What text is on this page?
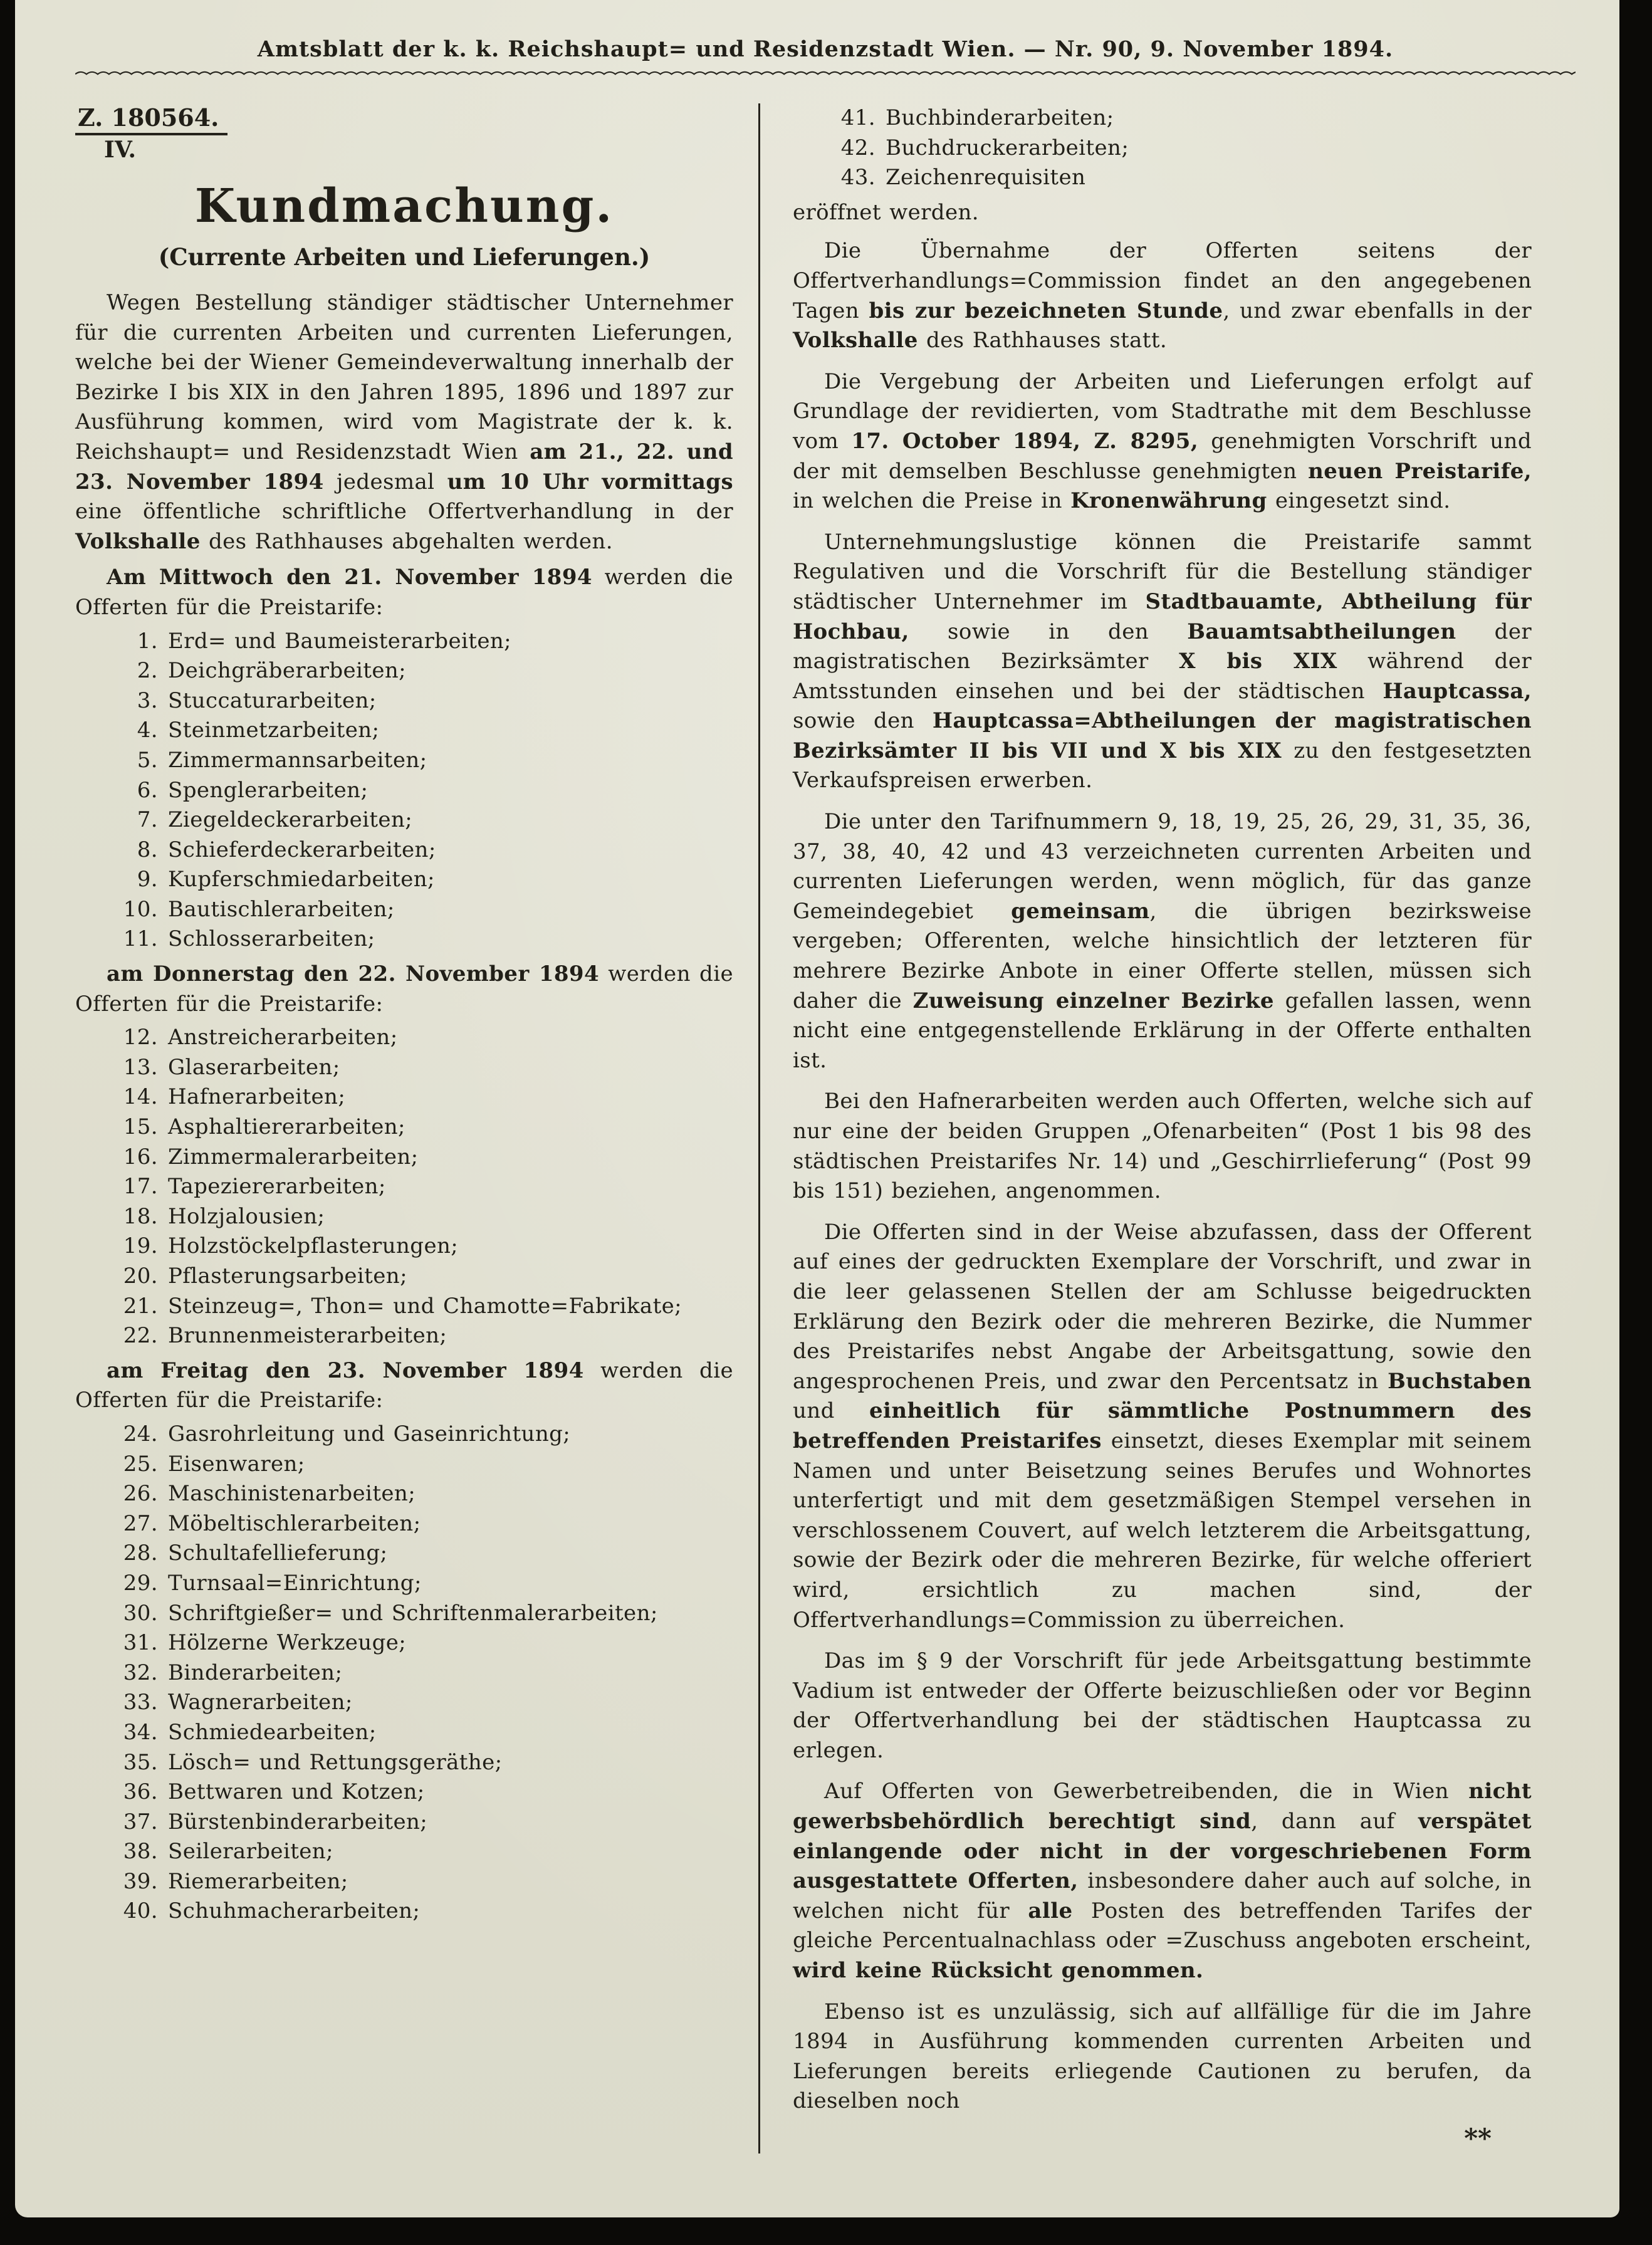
Amtsblatt der k. k. Reichshaupt= und Residenzstadt Wien. — Nr. 90, 9. November 1894.
Z. 180564.
IV.
Kundmachung.
(Currente Arbeiten und Lieferungen.)

Wegen Bestellung ständiger städtischer Unternehmer für die currenten Arbeiten und currenten Lieferungen, welche bei der Wiener Gemeindeverwaltung innerhalb der Bezirke I bis XIX in den Jahren 1895, 1896 und 1897 zur Ausführung kommen, wird vom Magistrate der k. k. Reichshaupt= und Residenzstadt Wien am 21., 22. und 23. November 1894 jedesmal um 10 Uhr vormittags eine öffentliche schriftliche Offertverhandlung in der Volkshalle des Rathhauses abgehalten werden.

Am Mittwoch den 21. November 1894 werden die Offerten für die Preistarife:

1. Erd= und Baumeisterarbeiten;
2. Deichgräberarbeiten;
3. Stuccaturarbeiten;
4. Steinmetzarbeiten;
5. Zimmermannsarbeiten;
6. Spenglerarbeiten;
7. Ziegeldeckerarbeiten;
8. Schieferdeckerarbeiten;
9. Kupferschmiedarbeiten;
10. Bautischlerarbeiten;
11. Schlosserarbeiten;

am Donnerstag den 22. November 1894 werden die Offerten für die Preistarife:

12. Anstreicherarbeiten;
13. Glaserarbeiten;
14. Hafnerarbeiten;
15. Asphaltiererarbeiten;
16. Zimmermalerarbeiten;
17. Tapeziererarbeiten;
18. Holzjalousien;
19. Holzstöckelpflasterungen;
20. Pflasterungsarbeiten;
21. Steinzeug=, Thon= und Chamotte=Fabrikate;
22. Brunnenmeisterarbeiten;

am Freitag den 23. November 1894 werden die Offerten für die Preistarife:

24. Gasrohrleitung und Gaseinrichtung;
25. Eisenwaren;
26. Maschinistenarbeiten;
27. Möbeltischlerarbeiten;
28. Schultafellieferung;
29. Turnsaal=Einrichtung;
30. Schriftgießer= und Schriftenmalerarbeiten;
31. Hölzerne Werkzeuge;
32. Binderarbeiten;
33. Wagnerarbeiten;
34. Schmiedearbeiten;
35. Lösch= und Rettungsgeräthe;
36. Bettwaren und Kotzen;
37. Bürstenbinderarbeiten;
38. Seilerarbeiten;
39. Riemerarbeiten;
40. Schuhmacherarbeiten;
41. Buchbinderarbeiten;
42. Buchdruckerarbeiten;
43. Zeichenrequisiten

eröffnet werden.

Die Übernahme der Offerten seitens der Offertverhandlungs=Commission findet an den angegebenen Tagen bis zur bezeichneten Stunde, und zwar ebenfalls in der Volkshalle des Rathhauses statt.

Die Vergebung der Arbeiten und Lieferungen erfolgt auf Grundlage der revidierten, vom Stadtrathe mit dem Beschlusse vom 17. October 1894, Z. 8295, genehmigten Vorschrift und der mit demselben Beschlusse genehmigten neuen Preistarife, in welchen die Preise in Kronenwährung eingesetzt sind.

Unternehmungslustige können die Preistarife sammt Regulativen und die Vorschrift für die Bestellung ständiger städtischer Unternehmer im Stadtbauamte, Abtheilung für Hochbau, sowie in den Bauamtsabtheilungen der magistratischen Bezirksämter X bis XIX während der Amtsstunden einsehen und bei der städtischen Hauptcassa, sowie den Hauptcassa=Abtheilungen der magistratischen Bezirksämter II bis VII und X bis XIX zu den festgesetzten Verkaufspreisen erwerben.

Die unter den Tarifnummern 9, 18, 19, 25, 26, 29, 31, 35, 36, 37, 38, 40, 42 und 43 verzeichneten currenten Arbeiten und currenten Lieferungen werden, wenn möglich, für das ganze Gemeindegebiet gemeinsam, die übrigen bezirksweise vergeben; Offerenten, welche hinsichtlich der letzteren für mehrere Bezirke Anbote in einer Offerte stellen, müssen sich daher die Zuweisung einzelner Bezirke gefallen lassen, wenn nicht eine entgegenstellende Erklärung in der Offerte enthalten ist.

Bei den Hafnerarbeiten werden auch Offerten, welche sich auf nur eine der beiden Gruppen „Ofenarbeiten“ (Post 1 bis 98 des städtischen Preistarifes Nr. 14) und „Geschirrlieferung“ (Post 99 bis 151) beziehen, angenommen.

Die Offerten sind in der Weise abzufassen, dass der Offerent auf eines der gedruckten Exemplare der Vorschrift, und zwar in die leer gelassenen Stellen der am Schlusse beigedruckten Erklärung den Bezirk oder die mehreren Bezirke, die Nummer des Preistarifes nebst Angabe der Arbeitsgattung, sowie den angesprochenen Preis, und zwar den Percentsatz in Buchstaben und einheitlich für sämmtliche Postnummern des betreffenden Preistarifes einsetzt, dieses Exemplar mit seinem Namen und unter Beisetzung seines Berufes und Wohnortes unterfertigt und mit dem gesetzmäßigen Stempel versehen in verschlossenem Couvert, auf welch letzterem die Arbeitsgattung, sowie der Bezirk oder die mehreren Bezirke, für welche offeriert wird, ersichtlich zu machen sind, der Offertverhandlungs=Commission zu überreichen.

Das im § 9 der Vorschrift für jede Arbeitsgattung bestimmte Vadium ist entweder der Offerte beizuschließen oder vor Beginn der Offertverhandlung bei der städtischen Hauptcassa zu erlegen.

Auf Offerten von Gewerbetreibenden, die in Wien nicht gewerbsbehördlich berechtigt sind, dann auf verspätet einlangende oder nicht in der vorgeschriebenen Form ausgestattete Offerten, insbesondere daher auch auf solche, in welchen nicht für alle Posten des betreffenden Tarifes der gleiche Percentualnachlass oder =Zuschuss angeboten erscheint, wird keine Rücksicht genommen.

Ebenso ist es unzulässig, sich auf allfällige für die im Jahre 1894 in Ausführung kommenden currenten Arbeiten und Lieferungen bereits erliegende Cautionen zu berufen, da dieselben noch

**
